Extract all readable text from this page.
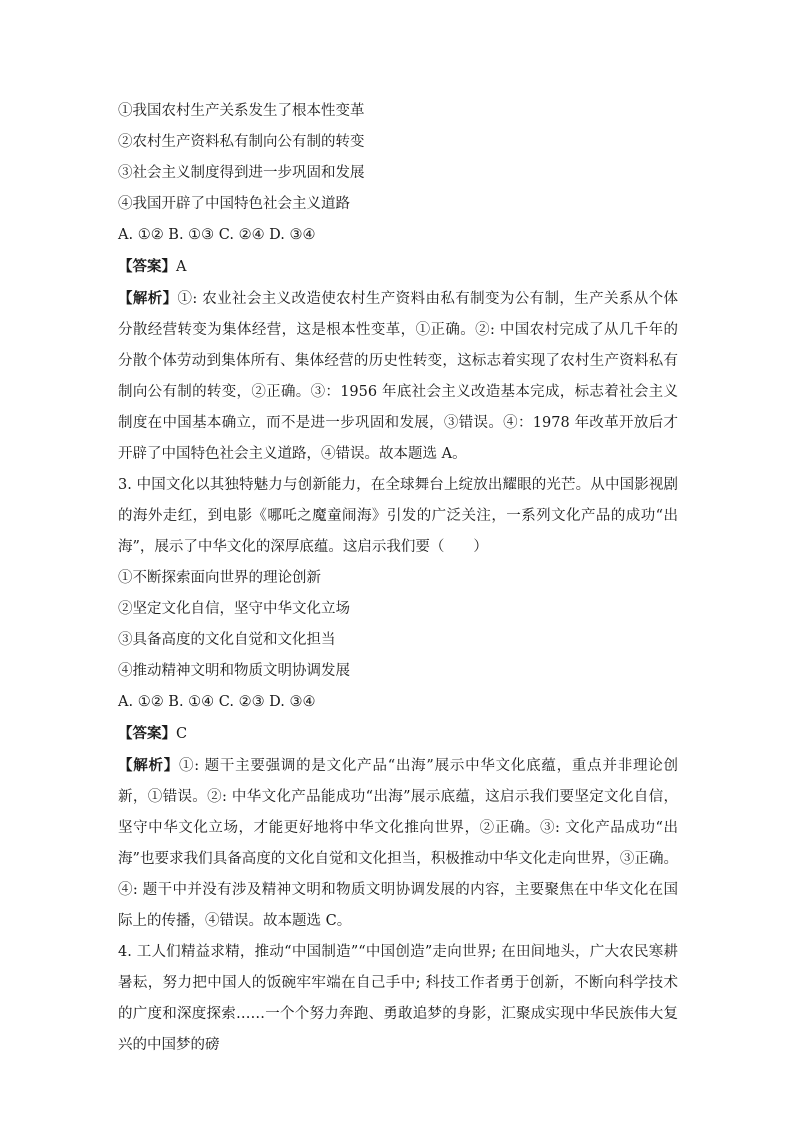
①我国农村生产关系发生了根本性变革

②农村生产资料私有制向公有制的转变

③社会主义制度得到进一步巩固和发展

④我国开辟了中国特色社会主义道路

A. ①② B. ①③ C. ②④ D. ③④

【答案】A

【解析】①: 农业社会主义改造使农村生产资料由私有制变为公有制，生产关系从个体分散经营转变为集体经营，这是根本性变革，①正确。②: 中国农村完成了从几千年的分散个体劳动到集体所有、集体经营的历史性转变，这标志着实现了农村生产资料私有制向公有制的转变，②正确。③：1956 年底社会主义改造基本完成，标志着社会主义制度在中国基本确立，而不是进一步巩固和发展，③错误。④：1978 年改革开放后才开辟了中国特色社会主义道路，④错误。故本题选 A。

3. 中国文化以其独特魅力与创新能力，在全球舞台上绽放出耀眼的光芒。从中国影视剧的海外走红，到电影《哪吒之魔童闹海》引发的广泛关注，一系列文化产品的成功“出海”，展示了中华文化的深厚底蕴。这启示我们要（　　）

①不断探索面向世界的理论创新

②坚定文化自信，坚守中华文化立场

③具备高度的文化自觉和文化担当

④推动精神文明和物质文明协调发展

A. ①② B. ①④ C. ②③ D. ③④

【答案】C

【解析】①: 题干主要强调的是文化产品“出海”展示中华文化底蕴，重点并非理论创新，①错误。②: 中华文化产品能成功“出海”展示底蕴，这启示我们要坚定文化自信，坚守中华文化立场，才能更好地将中华文化推向世界，②正确。③: 文化产品成功“出海”也要求我们具备高度的文化自觉和文化担当，积极推动中华文化走向世界，③正确。④: 题干中并没有涉及精神文明和物质文明协调发展的内容，主要聚焦在中华文化在国际上的传播，④错误。故本题选 C。

4. 工人们精益求精，推动“中国制造”“中国创造”走向世界; 在田间地头，广大农民寒耕暑耘，努力把中国人的饭碗牢牢端在自己手中; 科技工作者勇于创新，不断向科学技术的广度和深度探索……一个个努力奔跑、勇敢追梦的身影，汇聚成实现中华民族伟大复兴的中国梦的磅
